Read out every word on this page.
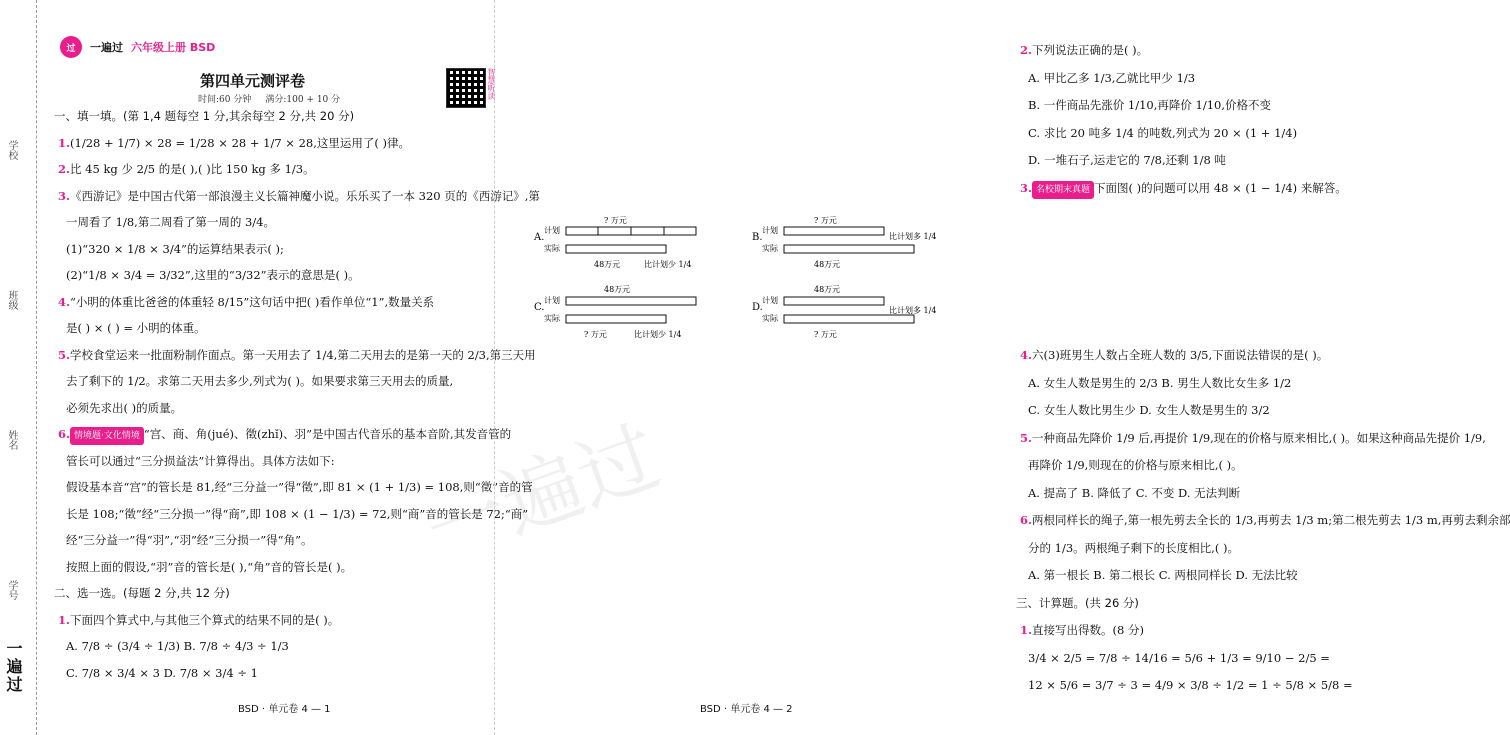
学校
班级
姓名
学号
一遍过
过	一遍过 六年级上册 BSD
第四单元测评卷
时间:60 分钟 满分:100 + 10 分	智慧听读
一、填一填。(第 1,4 题每空 1 分,其余每空 2 分,共 20 分)
1.(1/28 + 1/7) × 28 = 1/28 × 28 + 1/7 × 28,这里运用了( )律。
2.比 45 kg 少 2/5 的是( ),( )比 150 kg 多 1/3。
3.《西游记》是中国古代第一部浪漫主义长篇神魔小说。乐乐买了一本 320 页的《西游记》,第
一周看了 1/8,第二周看了第一周的 3/4。
(1)“320 × 1/8 × 3/4”的运算结果表示( );
(2)“1/8 × 3/4 = 3/32”,这里的“3/32”表示的意思是( )。
4.“小明的体重比爸爸的体重轻 8/15”这句话中把( )看作单位“1”,数量关系
是( ) × ( ) = 小明的体重。
5.学校食堂运来一批面粉制作面点。第一天用去了 1/4,第二天用去的是第一天的 2/3,第三天用
去了剩下的 1/2。求第二天用去多少,列式为( )。如果要求第三天用去的质量,
必须先求出( )的质量。
6. 情境题·文化情境 “宫、商、角(jué)、徵(zhǐ)、羽”是中国古代音乐的基本音阶,其发音管的
管长可以通过“三分损益法”计算得出。具体方法如下:
假设基本音“宫”的管长是 81,经“三分益一”得“徵”,即 81 × (1 + 1/3) = 108,则“徵”音的管
长是 108;“徵”经“三分损一”得“商”,即 108 × (1 − 1/3) = 72,则“商”音的管长是 72;“商”
经“三分益一”得“羽”,“羽”经“三分损一”得“角”。
按照上面的假设,“羽”音的管长是( ),“角”音的管长是( )。
二、选一选。(每题 2 分,共 12 分)
1.下面四个算式中,与其他三个算式的结果不同的是( )。
A. 7/8 ÷ (3/4 ÷ 1/3) B. 7/8 ÷ 4/3 ÷ 1/3
C. 7/8 × 3/4 × 3 D. 7/8 × 3/4 ÷ 1
BSD · 单元卷 4 — 1
2.下列说法正确的是( )。
A. 甲比乙多 1/3,乙就比甲少 1/3
B. 一件商品先涨价 1/10,再降价 1/10,价格不变
C. 求比 20 吨多 1/4 的吨数,列式为 20 × (1 + 1/4)
D. 一堆石子,运走它的 7/8,还剩 1/8 吨
3. 名校期末真题 下面图( )的问题可以用 48 × (1 − 1/4) 来解答。
4.六(3)班男生人数占全班人数的 3/5,下面说法错误的是( )。
A. 女生人数是男生的 2/3 B. 男生人数比女生多 1/2
C. 女生人数比男生少 D. 女生人数是男生的 3/2
5.一种商品先降价 1/9 后,再提价 1/9,现在的价格与原来相比,( )。如果这种商品先提价 1/9,
再降价 1/9,则现在的价格与原来相比,( )。
A. 提高了 B. 降低了 C. 不变 D. 无法判断
6.两根同样长的绳子,第一根先剪去全长的 1/3,再剪去 1/3 m;第二根先剪去 1/3 m,再剪去剩余部
分的 1/3。两根绳子剩下的长度相比,( )。
A. 第一根长 B. 第二根长 C. 两根同样长 D. 无法比较
三、计算题。(共 26 分)
1.直接写出得数。(8 分)
3/4 × 2/5 = 7/8 ÷ 14/16 = 5/6 + 1/3 = 9/10 − 2/5 =
12 × 5/6 = 3/7 ÷ 3 = 4/9 × 3/8 ÷ 1/2 = 1 ÷ 5/8 × 5/8 =
A.
计划
实际
? 万元
48万元	比计划少 1/4
B.
计划
实际
? 万元
比计划多 1/4
48万元
C.
计划
实际
48万元
? 万元	比计划少 1/4
D.
计划
实际
48万元
比计划多 1/4
? 万元
BSD · 单元卷 4 — 2
一遍过
